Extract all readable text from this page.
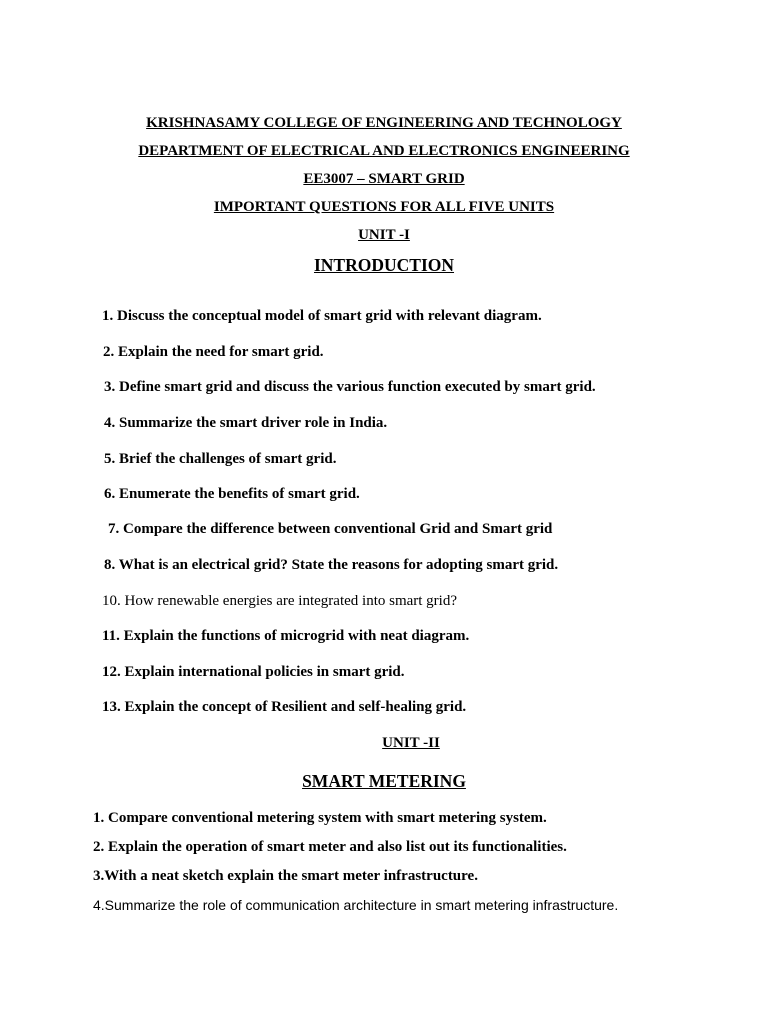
KRISHNASAMY COLLEGE OF ENGINEERING AND TECHNOLOGY
DEPARTMENT OF ELECTRICAL AND ELECTRONICS ENGINEERING
EE3007 – SMART GRID
IMPORTANT QUESTIONS FOR ALL FIVE UNITS
UNIT -I
INTRODUCTION
1. Discuss the conceptual model of smart grid with relevant diagram.
2. Explain the need for smart grid.
3. Define smart grid and discuss the various function executed by smart grid.
4. Summarize the smart driver role in India.
5. Brief the challenges of smart grid.
6. Enumerate the benefits of smart grid.
7. Compare the difference between conventional Grid and Smart grid
8. What is an electrical grid? State the reasons for adopting smart grid.
10. How renewable energies are integrated into smart grid?
11. Explain the functions of microgrid with neat diagram.
12. Explain international policies in smart grid.
13. Explain the concept of Resilient and self-healing grid.
UNIT -II
SMART METERING
1. Compare conventional metering system with smart metering system.
2. Explain the operation of smart meter and also list out its functionalities.
3.With a neat sketch explain the smart meter infrastructure.
4.Summarize the role of communication architecture in smart metering infrastructure.
